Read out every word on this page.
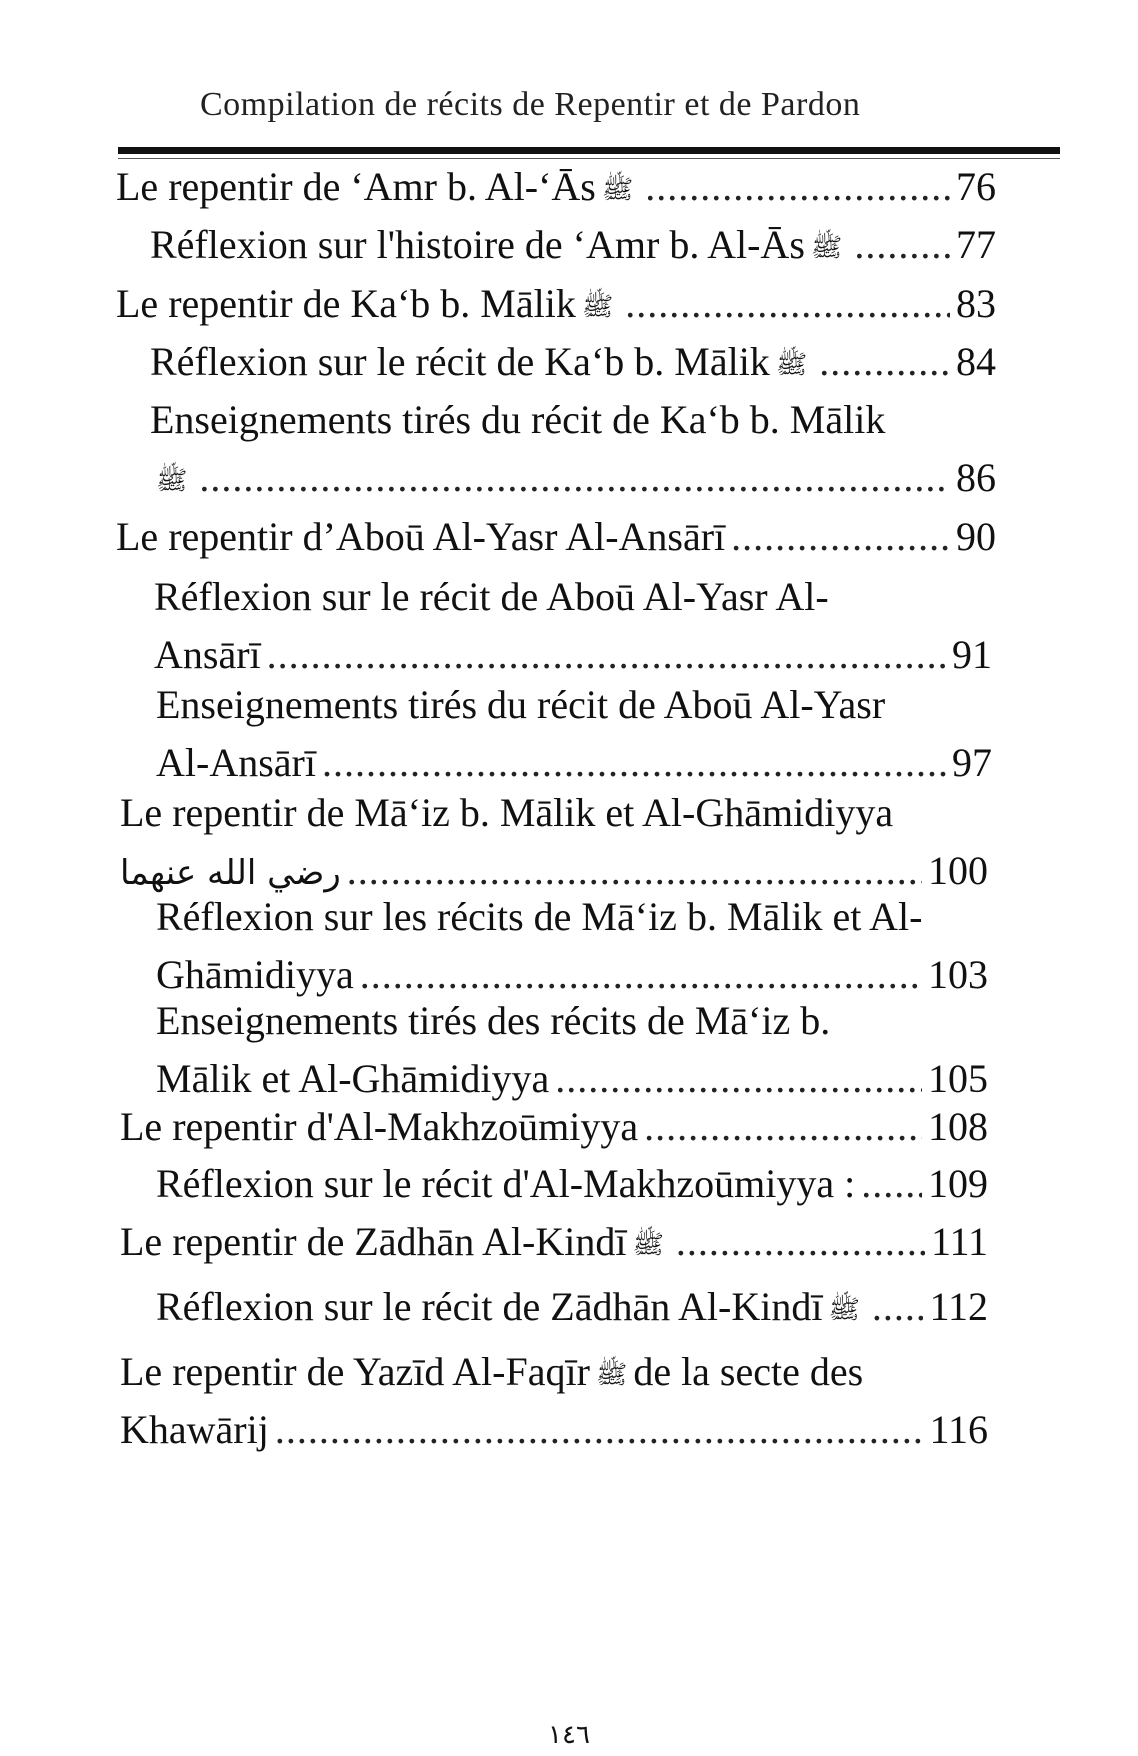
Compilation de récits de Repentir et de Pardon
Le repentir de ‘Amr b. Al-‘Ās ﷺ .....	76
Réflexion sur l'histoire de ‘Amr b. Al-Ās ﷺ .....	77
Le repentir de Ka‘b b. Mālik ﷺ .....	83
Réflexion sur le récit de Ka‘b b. Mālik ﷺ .....	84
Enseignements tirés du récit de Ka‘b b. Mālik
ﷺ .....	86
Le repentir d’Aboū Al-Yasr Al-Ansārī .....	90
Réflexion sur le récit de Aboū Al-Yasr Al-
Ansārī .....	91
Enseignements tirés du récit de Aboū Al-Yasr
Al-Ansārī .....	97
Le repentir de Mā‘iz b. Mālik et Al-Ghāmidiyya
رضي الله عنهما .....	100
Réflexion sur les récits de Mā‘iz b. Mālik et Al-
Ghāmidiyya .....	103
Enseignements tirés des récits de Mā‘iz b.
Mālik et Al-Ghāmidiyya .....	105
Le repentir d'Al-Makhzoūmiyya .....	108
Réflexion sur le récit d'Al-Makhzoūmiyya : ..... 109
Le repentir de Zādhān Al-Kindī ﷺ .....	111
Réflexion sur le récit de Zādhān Al-Kindī ﷺ ..... 112
Le repentir de Yazīd Al-Faqīr ﷺ de la secte des
Khawārij .....	116
١٤٦
